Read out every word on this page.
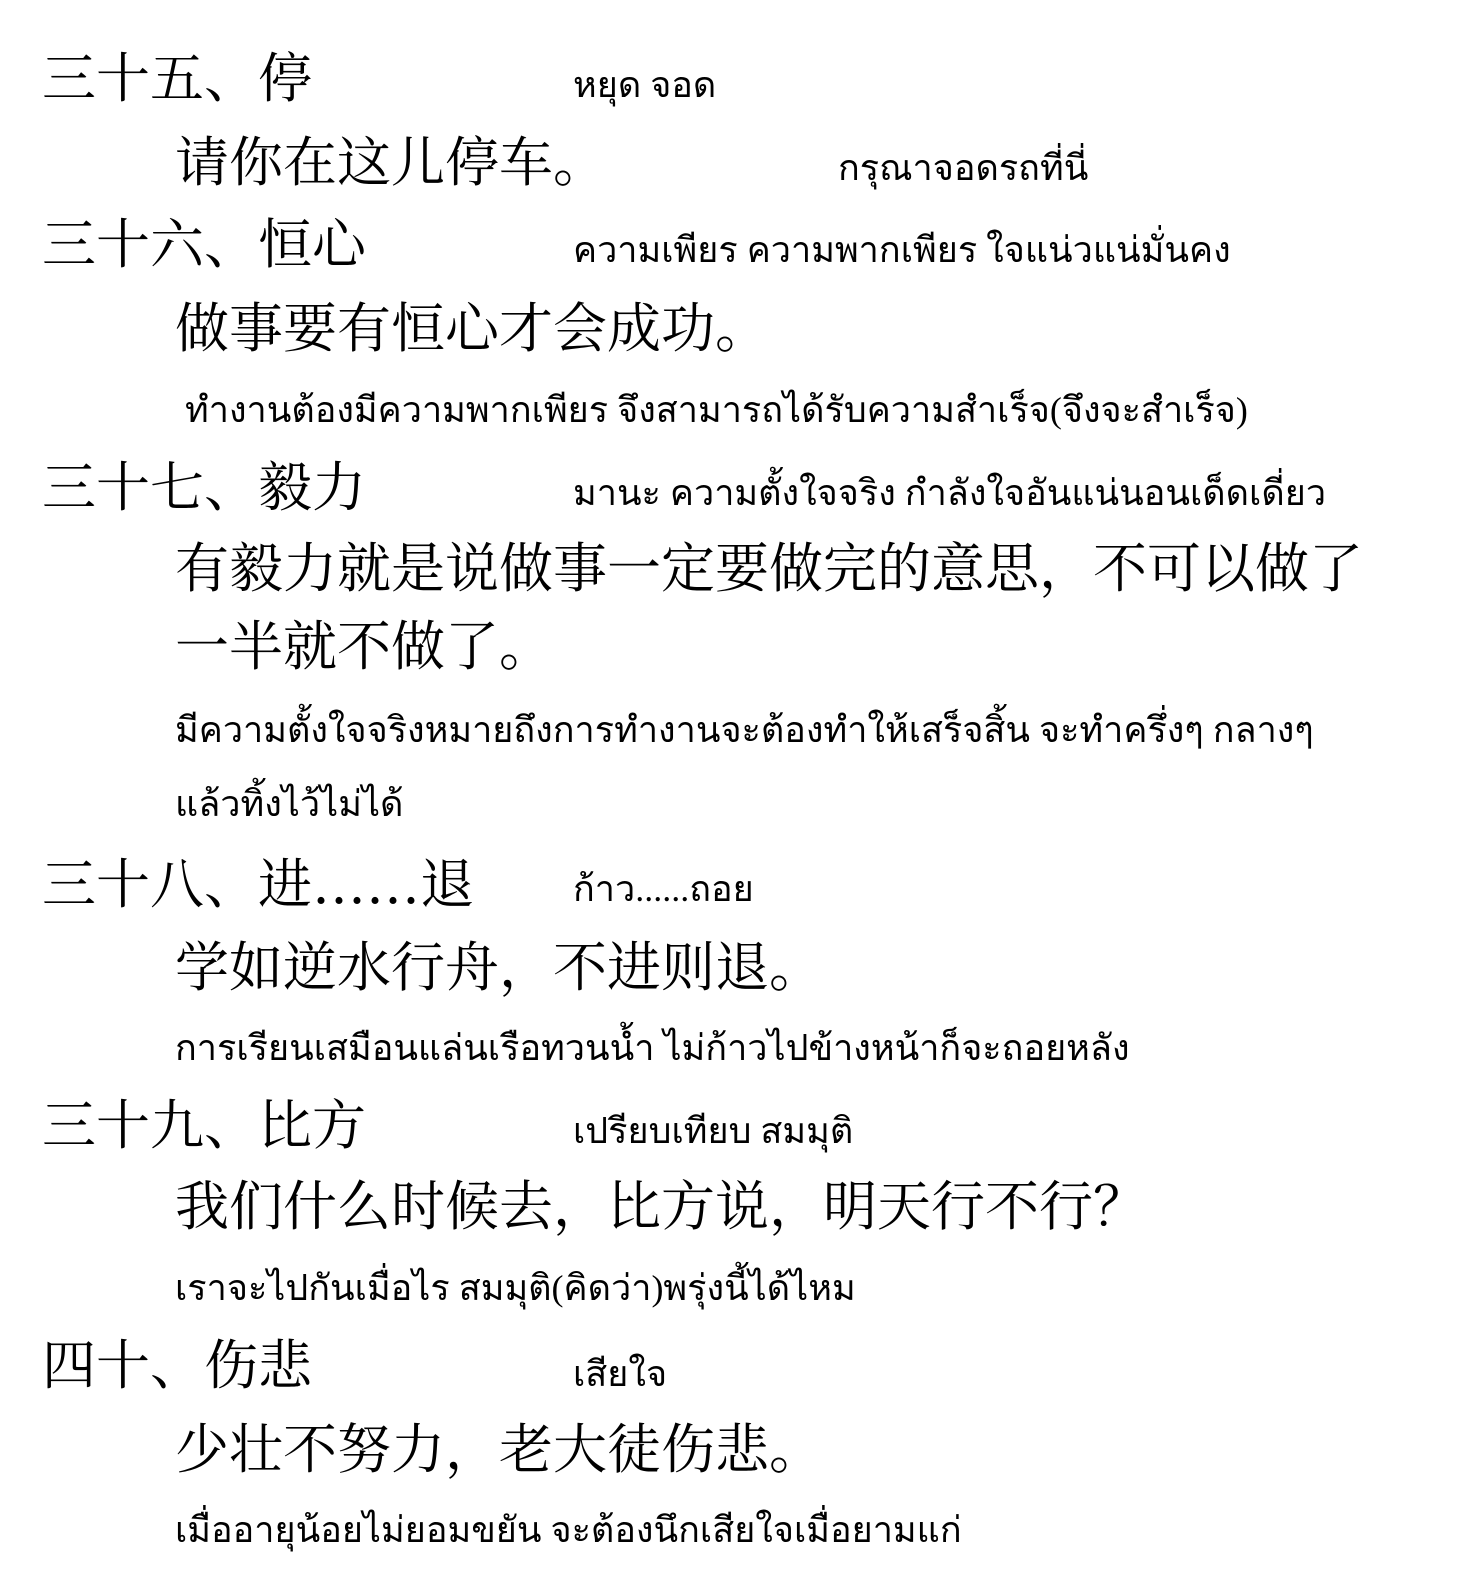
三十五、停	หยุด จอด
请你在这儿停车。	กรุณาจอดรถที่นี่
三十六、恒心	ความเพียร ความพากเพียร ใจแน่วแน่มั่นคง
做事要有恒心才会成功。
ทำงานต้องมีความพากเพียร จึงสามารถได้รับความสำเร็จ(จึงจะสำเร็จ)
三十七、毅力	มานะ ความตั้งใจจริง กำลังใจอันแน่นอนเด็ดเดี่ยว
有毅力就是说做事一定要做完的意思，不可以做了
一半就不做了。
มีความตั้งใจจริงหมายถึงการทำงานจะต้องทำให้เสร็จสิ้น จะทำครึ่งๆ กลางๆ
แล้วทิ้งไว้ไม่ได้
三十八、进……退	ก้าว......ถอย
学如逆水行舟，不进则退。
การเรียนเสมือนแล่นเรือทวนน้ำ ไม่ก้าวไปข้างหน้าก็จะถอยหลัง
三十九、比方	เปรียบเทียบ สมมุติ
我们什么时候去，比方说，明天行不行？
เราจะไปกันเมื่อไร สมมุติ(คิดว่า)พรุ่งนี้ได้ไหม
四十、伤悲	เสียใจ
少壮不努力，老大徒伤悲。
เมื่ออายุน้อยไม่ยอมขยัน จะต้องนึกเสียใจเมื่อยามแก่
